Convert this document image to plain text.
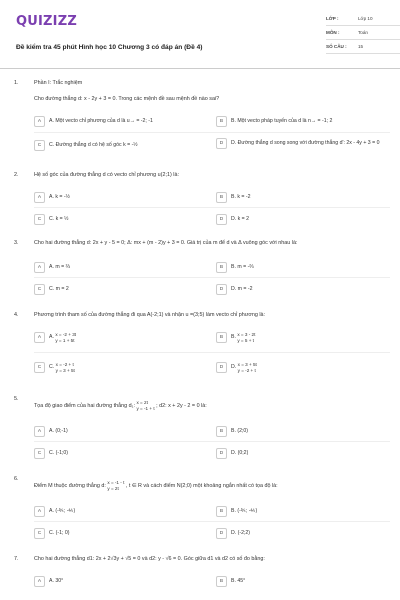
QUIZIZZ
Đề kiểm tra 45 phút Hình học 10 Chương 3 có đáp án (Đề 4)
LỚP :	Lớp 10
MÔN :	Toán
SỐ CÂU :	15
1.	Phần I: Trắc nghiệm
Cho đường thẳng d: x - 2y + 3 = 0. Trong các mệnh đề sau mệnh đề nào sai?
A	A. Một vecto chỉ phương của d là u→ = -2; -1	B	B. Một vecto pháp tuyến của d là n→ = -1; 2
C	C. Đường thẳng d có hệ số góc k = -½	D	D. Đường thẳng d song song với đường thẳng d': 2x - 4y + 3 = 0
2.	Hệ số góc của đường thẳng d có vecto chỉ phương u(2;1) là:
A	A. k = -½	B	B. k = -2
C	C. k = ½	D	D. k = 2
3.	Cho hai đường thẳng d: 2x + y - 5 = 0; Δ: mx + (m - 2)y + 3 = 0. Giá trị của m để d và Δ vuông góc với nhau là:
A	A. m = ⅔	B	B. m = -⅔
C	C. m = 2	D	D. m = -2
4.	Phương trình tham số của đường thẳng đi qua A(-2;1) và nhận u =(3;5) làm vecto chỉ phương là:
A	A.
x = -2 + 3t
y = 1 + 5t	B	B.
x = 3 - 2t
y = 5 + t
C	C.
x = -2 + t
y = 3 + 5t	D	D.
x = 3 + 5t
y = -2 + t
5.
Tọa độ giao điểm của hai đường thẳng d₁: x = 2t
y = -1 + t ; d2: x + 2y - 2 = 0 là:
A	A. (0;-1)	B	B. (2;0)
C	C. (-1;0)	D	D. (0;2)
6.
Điểm M thuộc đường thẳng d: x = -1 - t
y = 2t , t ∈ R và cách điểm N(2;0) một khoảng ngắn nhất có tọa độ là:
A	A. (-⅗; -⅘)	B	B. (-⅗; -⅘)
C	C. (-1; 0)	D	D. (-2;2)
7.	Cho hai đường thẳng d1: 2x + 2√3y + √5 = 0 và d2: y - √6 = 0. Góc giữa d1 và d2 có số đo bằng:
A	A. 30°	B	B. 45°
